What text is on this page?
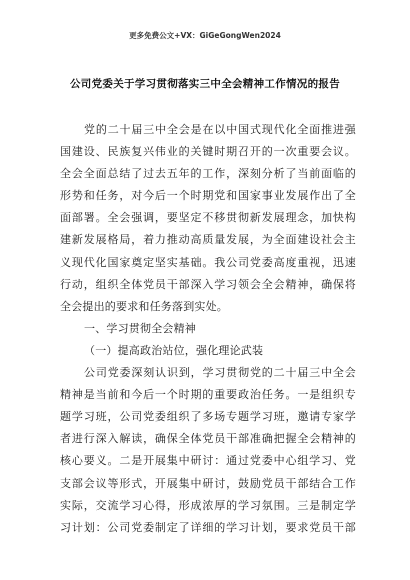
更多免费公文+VX：GiGeGongWen2024
公司党委关于学习贯彻落实三中全会精神工作情况的报告
党的二十届三中全会是在以中国式现代化全面推进强
国建设、民族复兴伟业的关键时期召开的一次重要会议。
全会全面总结了过去五年的工作，深刻分析了当前面临的
形势和任务，对今后一个时期党和国家事业发展作出了全
面部署。全会强调，要坚定不移贯彻新发展理念，加快构
建新发展格局，着力推动高质量发展，为全面建设社会主
义现代化国家奠定坚实基础。我公司党委高度重视，迅速
行动，组织全体党员干部深入学习领会全会精神，确保将
全会提出的要求和任务落到实处。
一、学习贯彻全会精神
（一）提高政治站位，强化理论武装
公司党委深刻认识到，学习贯彻党的二十届三中全会
精神是当前和今后一个时期的重要政治任务。一是组织专
题学习班，公司党委组织了多场专题学习班，邀请专家学
者进行深入解读，确保全体党员干部准确把握全会精神的
核心要义。二是开展集中研讨：通过党委中心组学习、党
支部会议等形式，开展集中研讨，鼓励党员干部结合工作
实际，交流学习心得，形成浓厚的学习氛围。三是制定学
习计划：公司党委制定了详细的学习计划，要求党员干部
